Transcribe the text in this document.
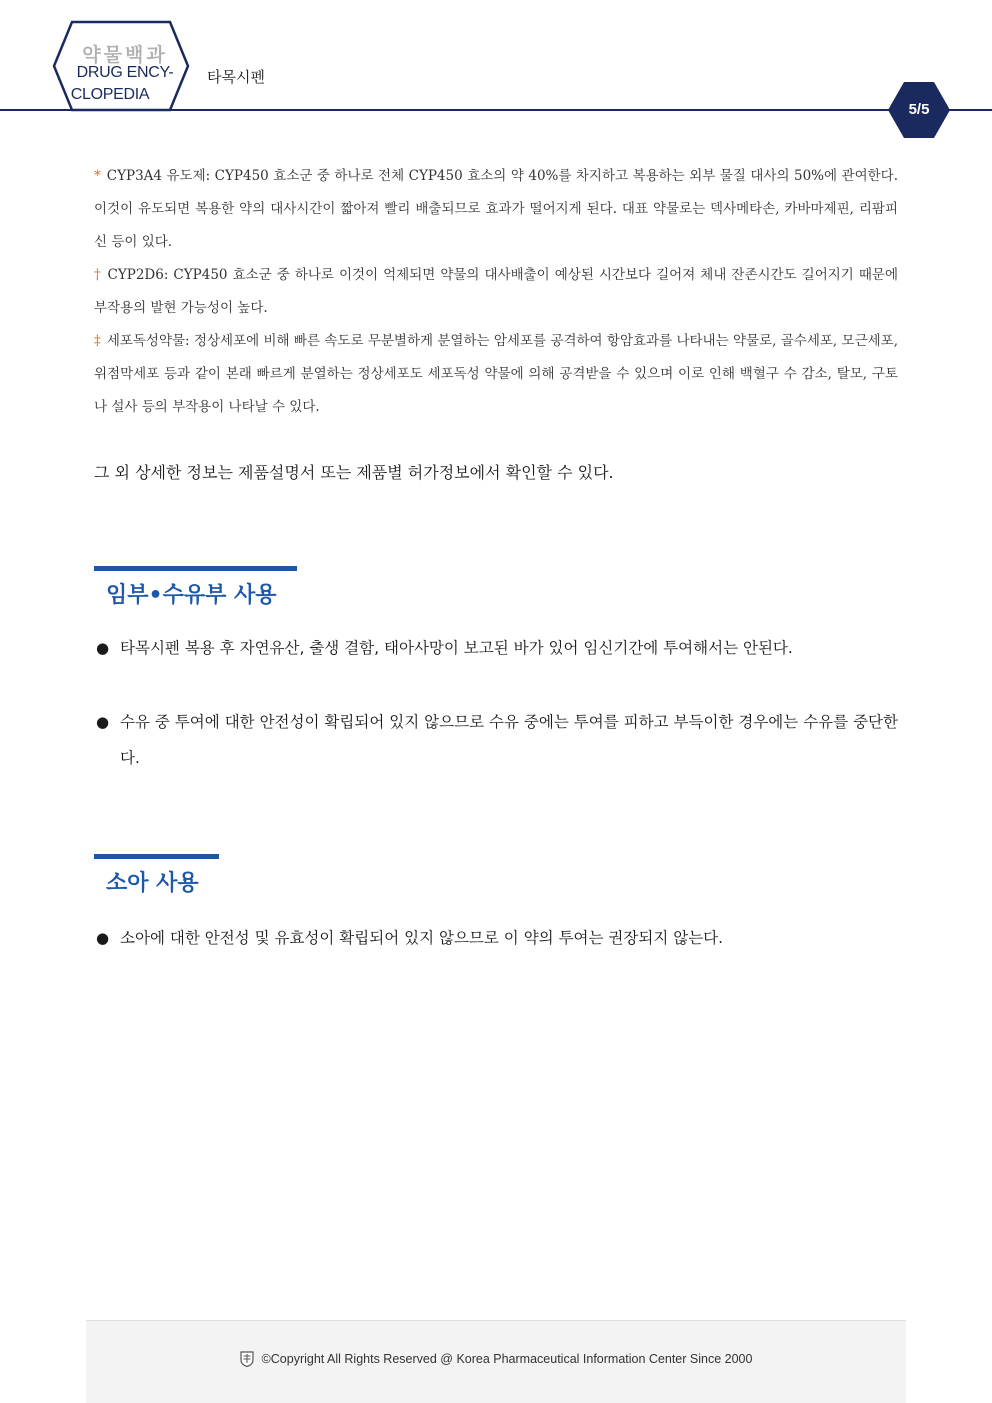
약물백과
DRUG ENCY-
CLOPEDIA
타목시펜
5/5

* CYP3A4 유도제: CYP450 효소군 중 하나로 전체 CYP450 효소의 약 40%를 차지하고 복용하는 외부 물질 대사의 50%에 관여한다. 이것이 유도되면 복용한 약의 대사시간이 짧아져 빨리 배출되므로 효과가 떨어지게 된다. 대표 약물로는 덱사메타손, 카바마제핀, 리팜피신 등이 있다.

† CYP2D6: CYP450 효소군 중 하나로 이것이 억제되면 약물의 대사배출이 예상된 시간보다 길어져 체내 잔존시간도 길어지기 때문에 부작용의 발현 가능성이 높다.

‡ 세포독성약물: 정상세포에 비해 빠른 속도로 무분별하게 분열하는 암세포를 공격하여 항암효과를 나타내는 약물로, 골수세포, 모근세포, 위점막세포 등과 같이 본래 빠르게 분열하는 정상세포도 세포독성 약물에 의해 공격받을 수 있으며 이로 인해 백혈구 수 감소, 탈모, 구토나 설사 등의 부작용이 나타날 수 있다.

그 외 상세한 정보는 제품설명서 또는 제품별 허가정보에서 확인할 수 있다.
임부•수유부 사용
● 타목시펜 복용 후 자연유산, 출생 결함, 태아사망이 보고된 바가 있어 임신기간에 투여해서는 안된다.
● 수유 중 투여에 대한 안전성이 확립되어 있지 않으므로 수유 중에는 투여를 피하고 부득이한 경우에는 수유를 중단한다.
소아 사용
● 소아에 대한 안전성 및 유효성이 확립되어 있지 않으므로 이 약의 투여는 권장되지 않는다.
©Copyright All Rights Reserved @ Korea Pharmaceutical Information Center Since 2000
